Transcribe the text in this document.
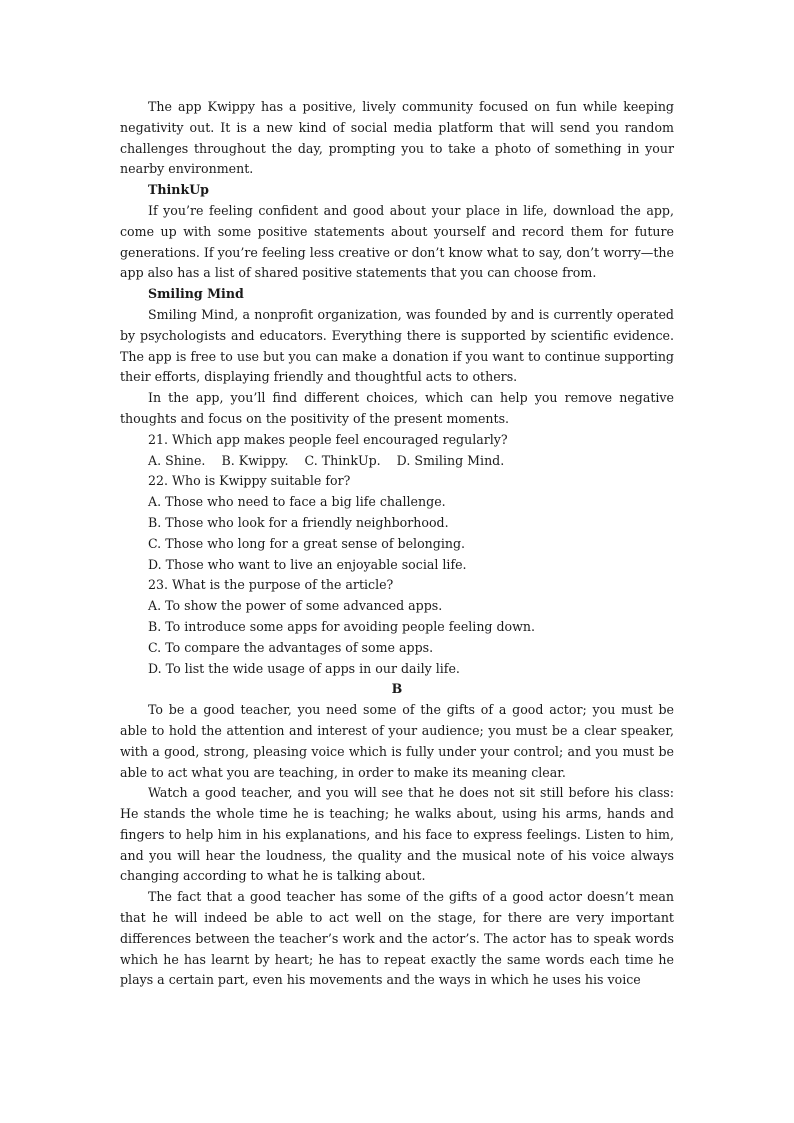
The app Kwippy has a positive, lively community focused on fun while keeping negativity out. It is a new kind of social media platform that will send you random challenges throughout the day, prompting you to take a photo of something in your nearby environment.

ThinkUp

If you’re feeling confident and good about your place in life, download the app, come up with some positive statements about yourself and record them for future generations. If you’re feeling less creative or don’t know what to say, don’t worry—the app also has a list of shared positive statements that you can choose from.

Smiling Mind

Smiling Mind, a nonprofit organization, was founded by and is currently operated by psychologists and educators. Everything there is supported by scientific evidence. The app is free to use but you can make a donation if you want to continue supporting their efforts, displaying friendly and thoughtful acts to others.

In the app, you’ll find different choices, which can help you remove negative thoughts and focus on the positivity of the present moments.

21. Which app makes people feel encouraged regularly?

A. Shine.    B. Kwippy.    C. ThinkUp.    D. Smiling Mind.

22. Who is Kwippy suitable for?

A. Those who need to face a big life challenge.

B. Those who look for a friendly neighborhood.

C. Those who long for a great sense of belonging.

D. Those who want to live an enjoyable social life.

23. What is the purpose of the article?

A. To show the power of some advanced apps.

B. To introduce some apps for avoiding people feeling down.

C. To compare the advantages of some apps.

D. To list the wide usage of apps in our daily life.

B

To be a good teacher, you need some of the gifts of a good actor; you must be able to hold the attention and interest of your audience; you must be a clear speaker, with a good, strong, pleasing voice which is fully under your control; and you must be able to act what you are teaching, in order to make its meaning clear.

Watch a good teacher, and you will see that he does not sit still before his class: He stands the whole time he is teaching; he walks about, using his arms, hands and fingers to help him in his explanations, and his face to express feelings. Listen to him, and you will hear the loudness, the quality and the musical note of his voice always changing according to what he is talking about.

The fact that a good teacher has some of the gifts of a good actor doesn’t mean that he will indeed be able to act well on the stage, for there are very important differences between the teacher’s work and the actor’s. The actor has to speak words which he has learnt by heart; he has to repeat exactly the same words each time he plays a certain part, even his movements and the ways in which he uses his voice
